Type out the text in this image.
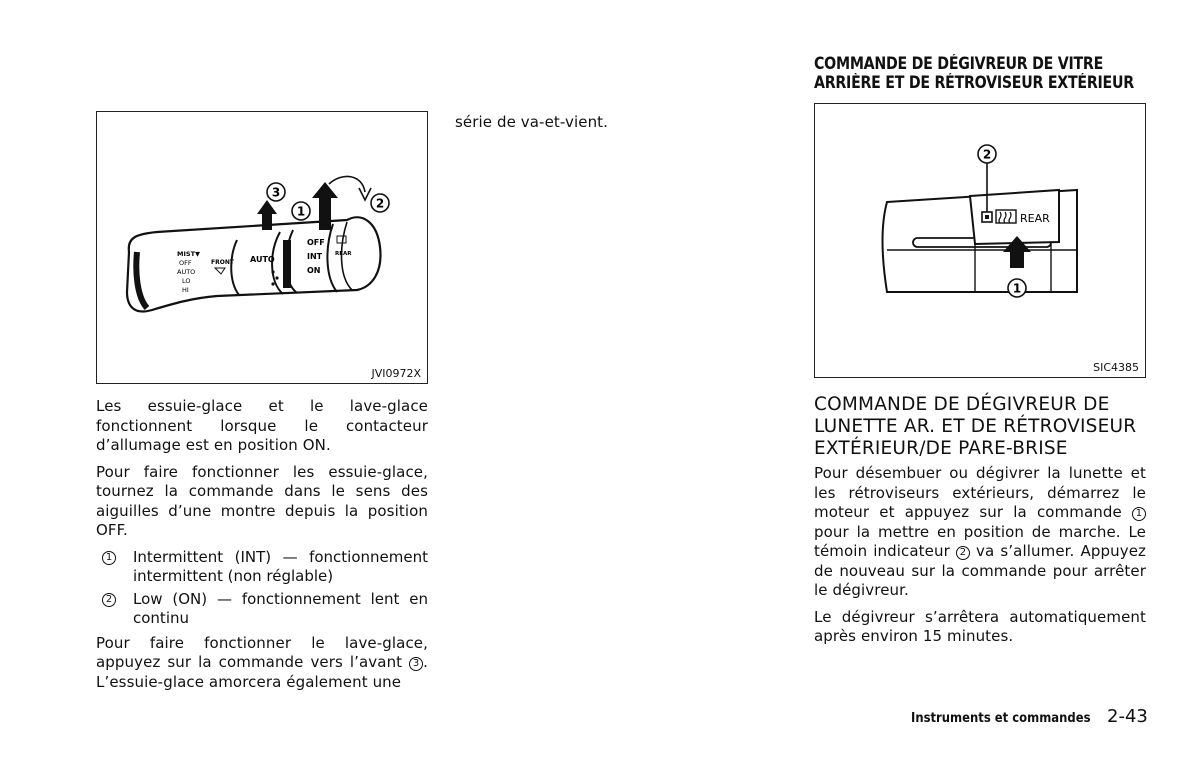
MIST▼
OFF
AUTO
LO
HI
FRONT AUTO
OFF
INT
ON
REAR
3
1
2
JVI0972X

Les essuie-glace et le lave-glace fonctionnent lorsque le contacteur d’allumage est en position ON.

Pour faire fonctionner les essuie-glace, tournez la commande dans le sens des aiguilles d’une montre depuis la position OFF.

1 Intermittent (INT) — fonctionnement intermittent (non réglable)
2 Low (ON) — fonctionnement lent en continu

Pour faire fonctionner le lave-glace, appuyez sur la commande vers l’avant 3 . L’essuie-glace amorcera également une

série de va-et-vient.

COMMANDE DE DÉGIVREUR DE VITRE

ARRIÈRE ET DE RÉTROVISEUR EXTÉRIEUR

REAR
2
1
SIC4385

COMMANDE DE DÉGIVREUR DE LUNETTE AR. ET DE RÉTROVISEUR EXTÉRIEUR/DE PARE-BRISE

Pour désembuer ou dégivrer la lunette et les rétroviseurs extérieurs, démarrez le moteur et appuyez sur la commande 1 pour la mettre en position de marche. Le témoin indicateur 2 va s’allumer. Appuyez de nouveau sur la commande pour arrêter le dégivreur.

Le dégivreur s’arrêtera automatiquement après environ 15 minutes.

Instruments et commandes 2-43
